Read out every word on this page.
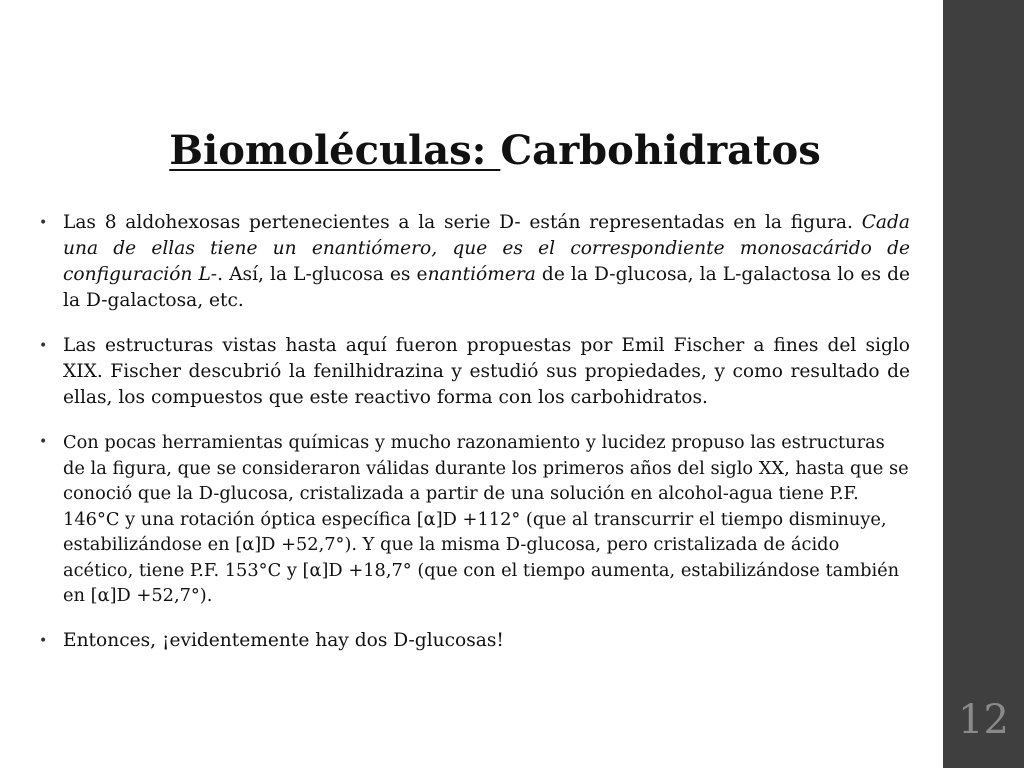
Biomoléculas: Carbohidratos
• Las 8 aldohexosas pertenecientes a la serie D- están representadas en la figura. Cada una de ellas tiene un enantiómero, que es el correspondiente monosacárido de configuración L-. Así, la L-glucosa es enantiómera de la D-glucosa, la L-galactosa lo es de la D-galactosa, etc.
• Las estructuras vistas hasta aquí fueron propuestas por Emil Fischer a fines del siglo XIX. Fischer descubrió la fenilhidrazina y estudió sus propiedades, y como resultado de ellas, los compuestos que este reactivo forma con los carbohidratos.
• Con pocas herramientas químicas y mucho razonamiento y lucidez propuso las estructuras de la figura, que se consideraron válidas durante los primeros años del siglo XX, hasta que se conoció que la D-glucosa, cristalizada a partir de una solución en alcohol-agua tiene P.F. 146°C y una rotación óptica específica [α]D +112° (que al transcurrir el tiempo disminuye, estabilizándose en [α]D +52,7°). Y que la misma D-glucosa, pero cristalizada de ácido acético, tiene P.F. 153°C y [α]D +18,7° (que con el tiempo aumenta, estabilizándose también en [α]D +52,7°).
• Entonces, ¡evidentemente hay dos D-glucosas!
12
